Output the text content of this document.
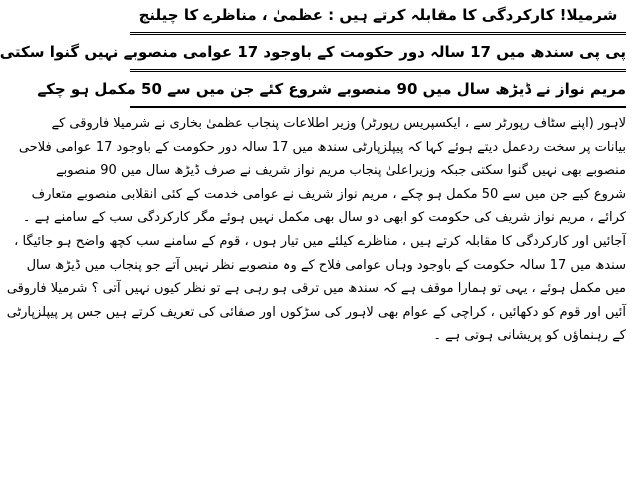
شرمیلا! کارکردگی کا مقابلہ کرتے ہیں : عظمیٰ ، مناظرے کا چیلنج
پی پی سندھ میں 17 سالہ دور حکومت کے باوجود 17 عوامی منصوبے نہیں گنوا سکتی
مریم نواز نے ڈیڑھ سال میں 90 منصوبے شروع کئے جن میں سے 50 مکمل ہو چکے
لاہور (اپنے سٹاف رپورٹر سے ، ایکسپریس رپورٹر) وزیر اطلاعات پنجاب عظمیٰ بخاری نے شرمیلا فاروقی کے
بیانات پر سخت ردعمل دیتے ہوئے کہا کہ پیپلزپارٹی سندھ میں 17 سالہ دور حکومت کے باوجود 17 عوامی فلاحی
منصوبے بھی نہیں گنوا سکتی جبکہ وزیراعلیٰ پنجاب مریم نواز شریف نے صرف ڈیڑھ سال میں 90 منصوبے
شروع کیے جن میں سے 50 مکمل ہو چکے ، مریم نواز شریف نے عوامی خدمت کے کئی انقلابی منصوبے متعارف
کرائے ، مریم نواز شریف کی حکومت کو ابھی دو سال بھی مکمل نہیں ہوئے مگر کارکردگی سب کے سامنے ہے ۔
آجائیں اور کارکردگی کا مقابلہ کرتے ہیں ، مناظرے کیلئے میں تیار ہوں ، قوم کے سامنے سب کچھ واضح ہو جائیگا ،
سندھ میں 17 سالہ حکومت کے باوجود وہاں عوامی فلاح کے وہ منصوبے نظر نہیں آتے جو پنجاب میں ڈیڑھ سال
میں مکمل ہوئے ، یہی تو ہمارا موقف ہے کہ سندھ میں ترقی ہو رہی ہے تو نظر کیوں نہیں آتی ؟ شرمیلا فاروقی
آئیں اور قوم کو دکھائیں ، کراچی کے عوام بھی لاہور کی سڑکوں اور صفائی کی تعریف کرتے ہیں جس پر پیپلزپارٹی
کے رہنماؤں کو پریشانی ہوتی ہے ۔
